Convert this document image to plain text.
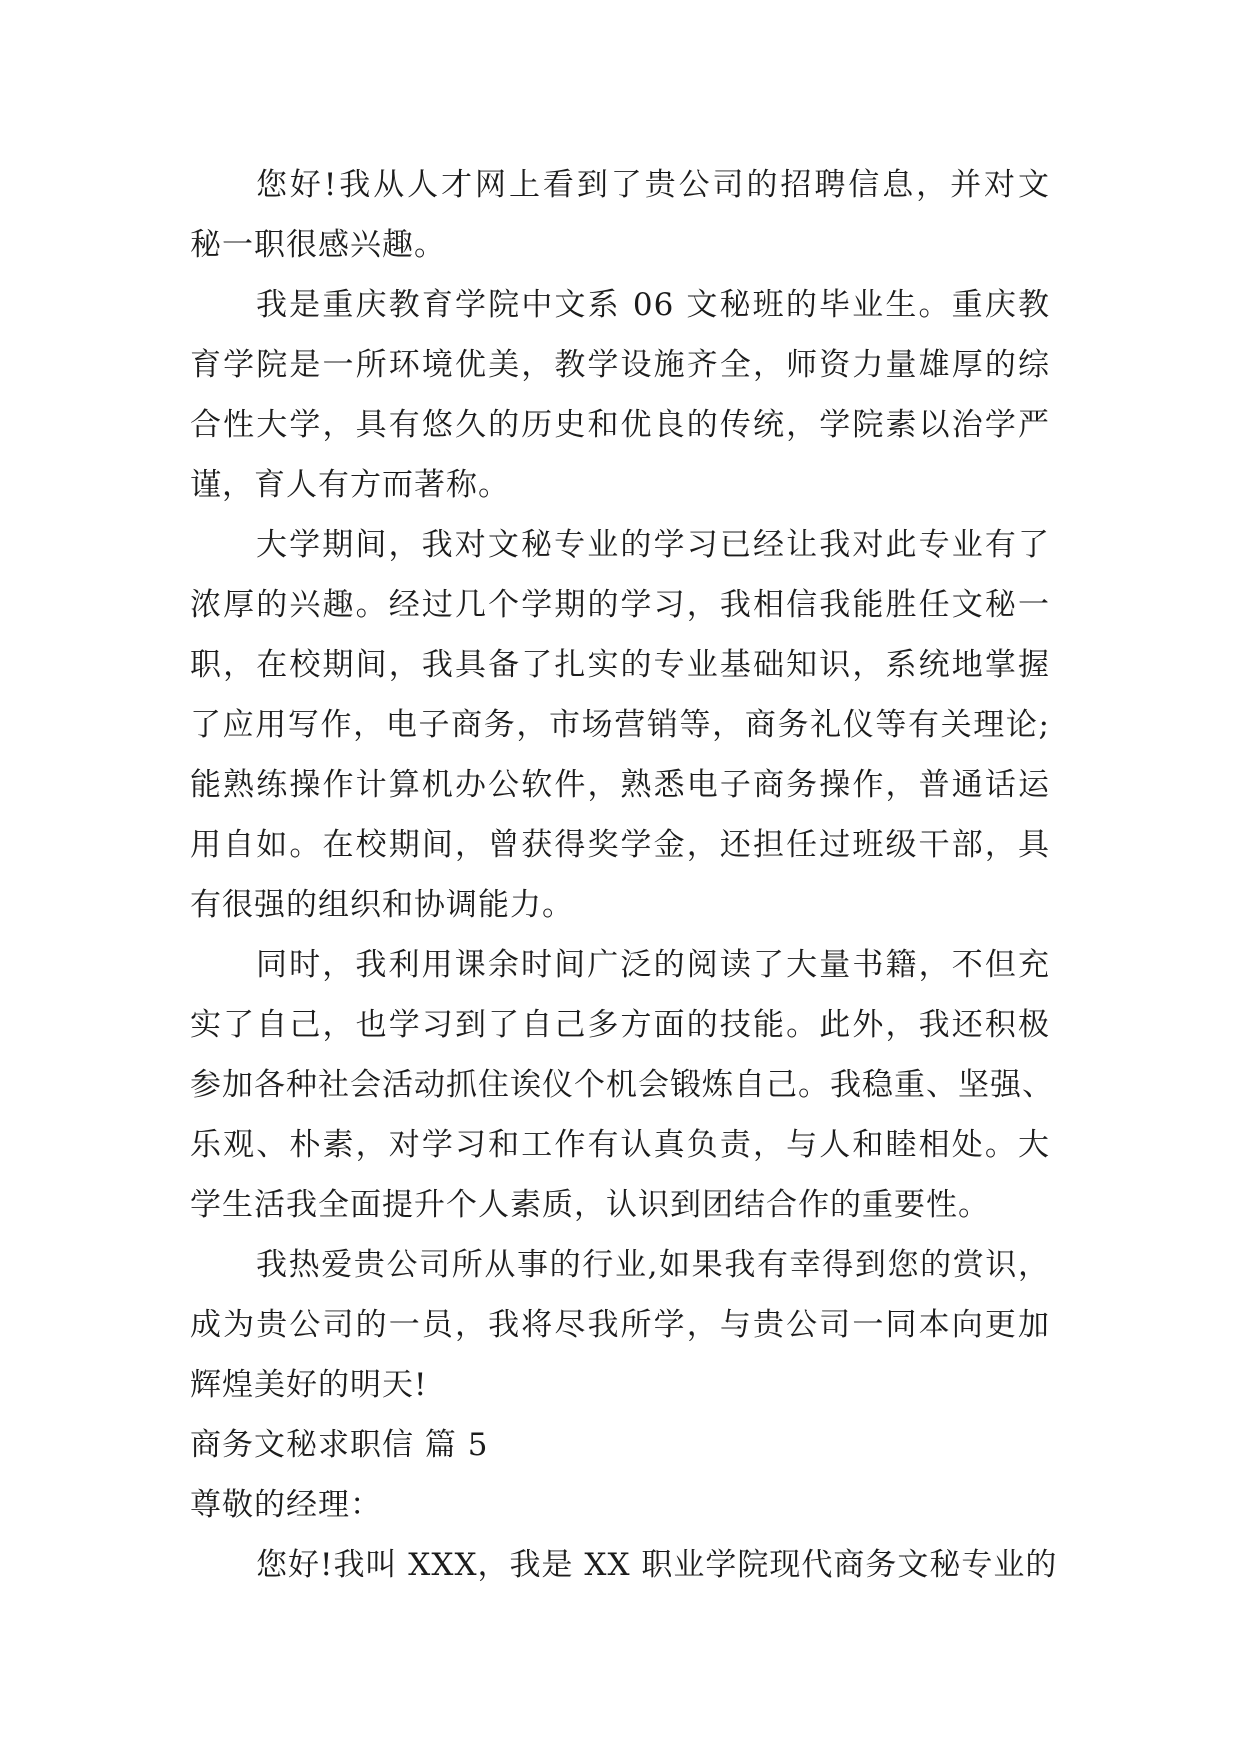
您好!我从人才网上看到了贵公司的招聘信息，并对文
秘一职很感兴趣。
我是重庆教育学院中文系 06 文秘班的毕业生。重庆教
育学院是一所环境优美，教学设施齐全，师资力量雄厚的综
合性大学，具有悠久的历史和优良的传统，学院素以治学严
谨，育人有方而著称。
大学期间，我对文秘专业的学习已经让我对此专业有了
浓厚的兴趣。经过几个学期的学习，我相信我能胜任文秘一
职，在校期间，我具备了扎实的专业基础知识，系统地掌握
了应用写作，电子商务，市场营销等，商务礼仪等有关理论;
能熟练操作计算机办公软件，熟悉电子商务操作，普通话运
用自如。在校期间，曾获得奖学金，还担任过班级干部，具
有很强的组织和协调能力。
同时，我利用课余时间广泛的阅读了大量书籍，不但充
实了自己，也学习到了自己多方面的技能。此外，我还积极
参加各种社会活动抓住诶仪个机会锻炼自己。我稳重、坚强、
乐观、朴素，对学习和工作有认真负责，与人和睦相处。大
学生活我全面提升个人素质，认识到团结合作的重要性。
我热爱贵公司所从事的行业,如果我有幸得到您的赏识，
成为贵公司的一员，我将尽我所学，与贵公司一同本向更加
辉煌美好的明天!
商务文秘求职信 篇 5
尊敬的经理：
您好!我叫 XXX，我是 XX 职业学院现代商务文秘专业的
